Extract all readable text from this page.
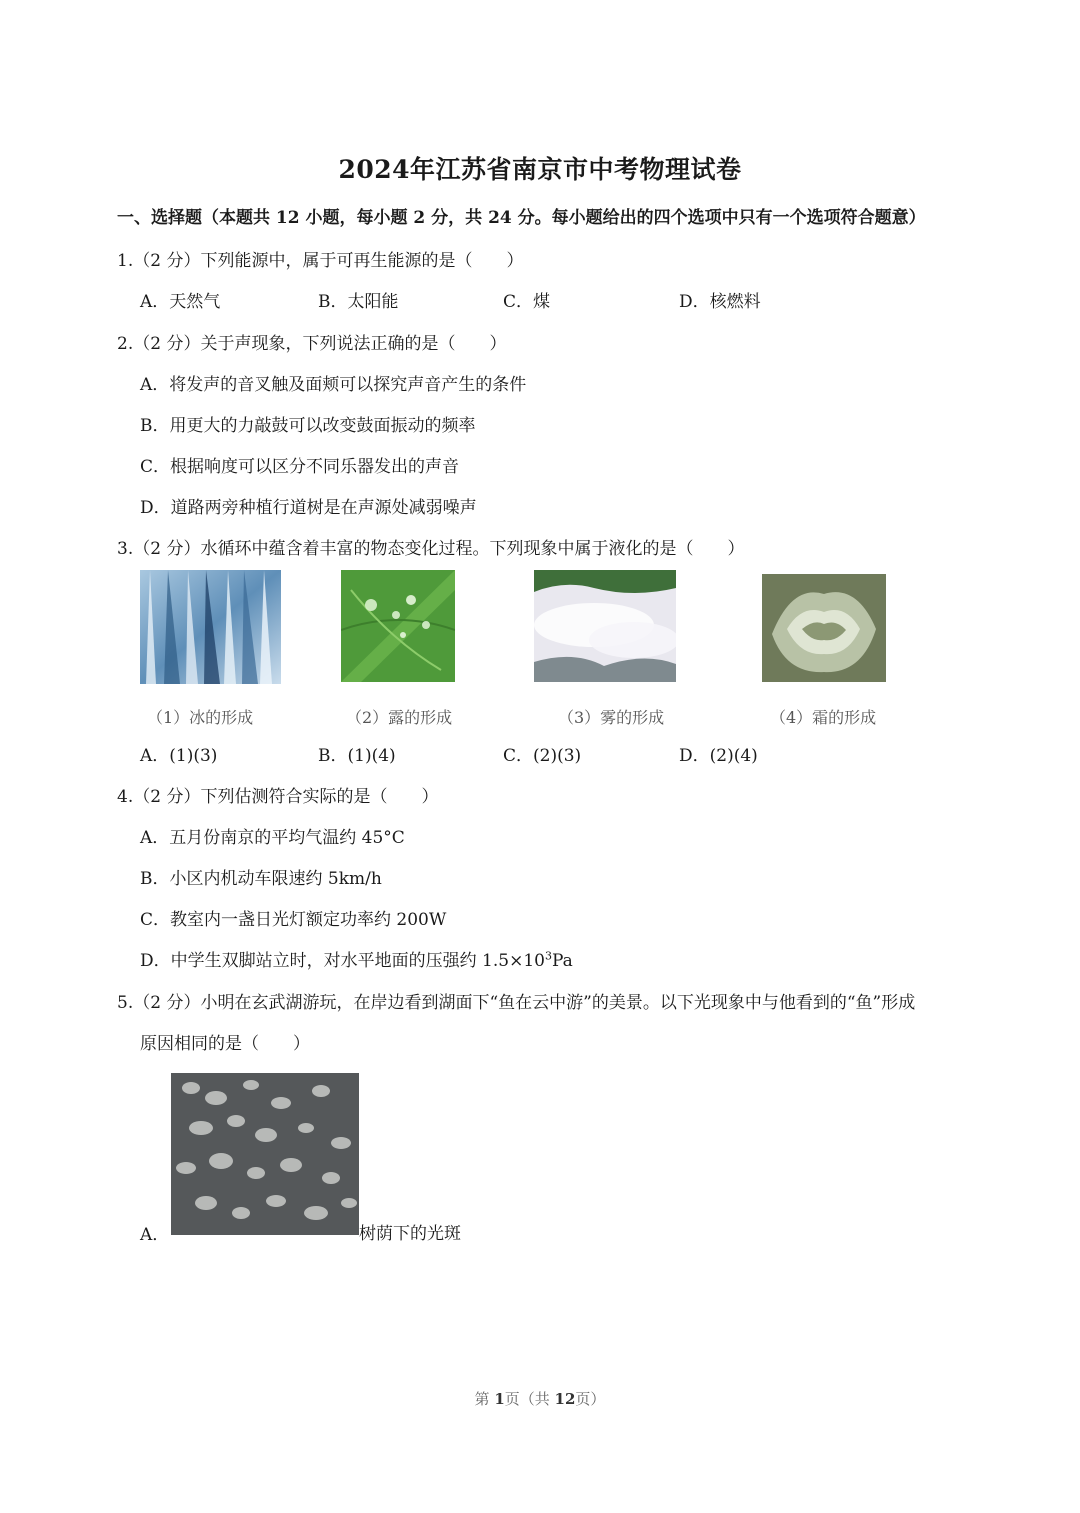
2024年江苏省南京市中考物理试卷
一、选择题（本题共 12 小题，每小题 2 分，共 24 分。每小题给出的四个选项中只有一个选项符合题意）
1.（2 分）下列能源中，属于可再生能源的是（　　）
A．天然气	B．太阳能	C．煤	D．核燃料
2.（2 分）关于声现象，下列说法正确的是（　　）
A．将发声的音叉触及面颊可以探究声音产生的条件
B．用更大的力敲鼓可以改变鼓面振动的频率
C．根据响度可以区分不同乐器发出的声音
D．道路两旁种植行道树是在声源处减弱噪声
3.（2 分）水循环中蕴含着丰富的物态变化过程。下列现象中属于液化的是（　　）
（1）冰的形成	（2）露的形成	（3）雾的形成	（4）霜的形成
A．(1)(3)	B．(1)(4)	C．(2)(3)	D．(2)(4)
4.（2 分）下列估测符合实际的是（　　）
A．五月份南京的平均气温约 45°C
B．小区内机动车限速约 5km/h
C．教室内一盏日光灯额定功率约 200W
D．中学生双脚站立时，对水平地面的压强约 $1.5\times 10^3Pa$
5.（2 分）小明在玄武湖游玩，在岸边看到湖面下“鱼在云中游”的美景。以下光现象中与他看到的“鱼”形成
原因相同的是（　　）
A．	树荫下的光斑
第 1页（共 12页）
